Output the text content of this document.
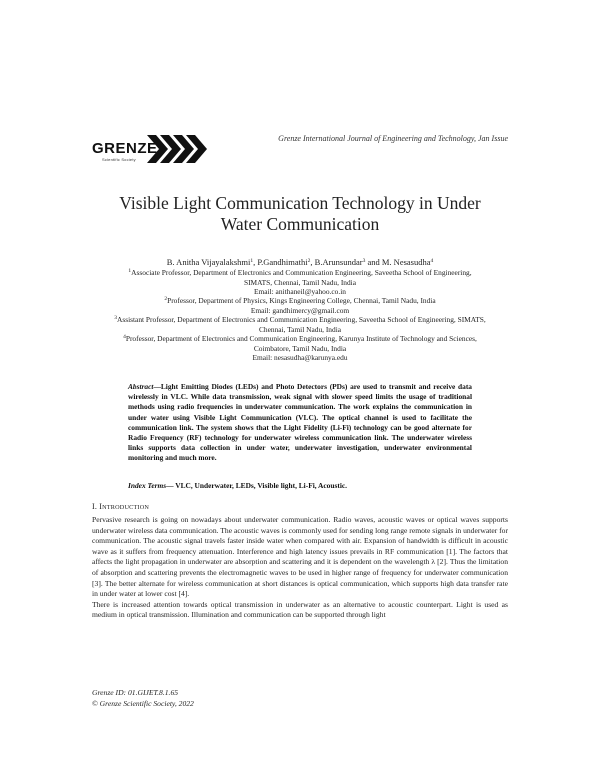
GRENZE
Scientific Society
Grenze International Journal of Engineering and Technology, Jan Issue
Visible Light Communication Technology in Under
Water Communication
B. Anitha Vijayalakshmi$^1$, P.Gandhimathi$^2$, B.Arunsundar$^3$ and M. Nesasudha$^4$
$^1$Associate Professor, Department of Electronics and Communication Engineering, Saveetha School of Engineering,
SIMATS, Chennai, Tamil Nadu, India
Email: anithaneil@yahoo.co.in
$^2$Professor, Department of Physics, Kings Engineering College, Chennai, Tamil Nadu, India
Email: gandhimercy@gmail.com
$^3$Assistant Professor, Department of Electronics and Communication Engineering, Saveetha School of Engineering, SIMATS,
Chennai, Tamil Nadu, India
$^4$Professor, Department of Electronics and Communication Engineering, Karunya Institute of Technology and Sciences,
Coimbatore, Tamil Nadu, India
Email: nesasudha@karunya.edu
Abstract—Light Emitting Diodes (LEDs) and Photo Detectors (PDs) are used to transmit and receive data wirelessly in VLC. While data transmission, weak signal with slower speed limits the usage of traditional methods using radio frequencies in underwater communication. The work explains the communication in under water using Visible Light Communication (VLC). The optical channel is used to facilitate the communication link. The system shows that the Light Fidelity (Li-Fi) technology can be good alternate for Radio Frequency (RF) technology for underwater wireless communication link. The underwater wireless links supports data collection in under water, underwater investigation, underwater environmental monitoring and much more.
Index Terms— VLC, Underwater, LEDs, Visible light, Li-Fi, Acoustic.
I. INTRODUCTION
Pervasive research is going on nowadays about underwater communication. Radio waves, acoustic waves or optical waves supports underwater wireless data communication. The acoustic waves is commonly used for sending long range remote signals in underwater for communication. The acoustic signal travels faster inside water when compared with air. Expansion of handwidth is difficult in acoustic wave as it suffers from frequency attenuation. Interference and high latency issues prevails in RF communication [1]. The factors that affects the light propagation in underwater are absorption and scattering and it is dependent on the wavelength λ [2]. Thus the limitation of absorption and scattering prevents the electromagnetic waves to be used in higher range of frequency for underwater communication [3]. The better alternate for wireless communication at short distances is optical communication, which supports high data transfer rate in under water at lower cost [4].
There is increased attention towards optical transmission in underwater as an alternative to acoustic counterpart. Light is used as medium in optical transmission. Illumination and communication can be supported through light
Grenze ID: 01.GIJET.8.1.65
© Grenze Scientific Society, 2022
